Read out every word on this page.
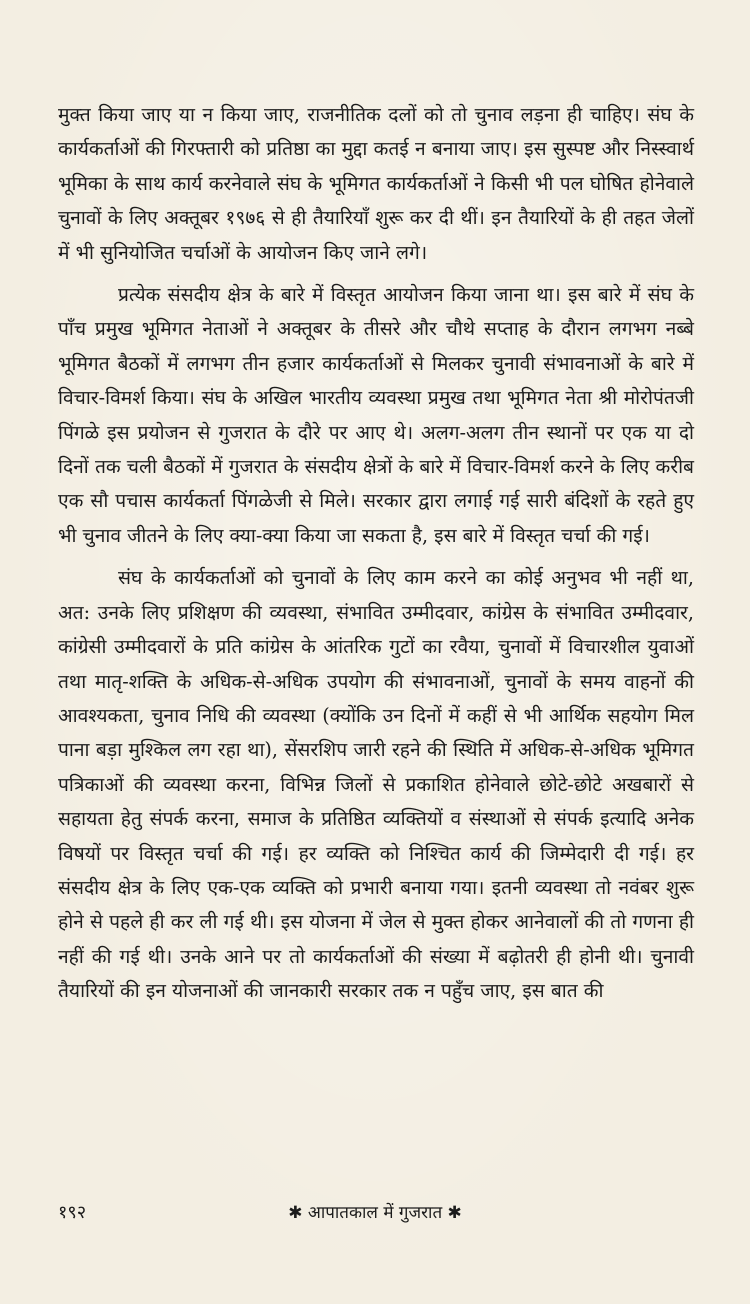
मुक्त किया जाए या न किया जाए, राजनीतिक दलों को तो चुनाव लड़ना ही चाहिए। संघ के कार्यकर्ताओं की गिरफ्तारी को प्रतिष्ठा का मुद्दा कतई न बनाया जाए। इस सुस्पष्ट और निस्स्वार्थ भूमिका के साथ कार्य करनेवाले संघ के भूमिगत कार्यकर्ताओं ने किसी भी पल घोषित होनेवाले चुनावों के लिए अक्तूबर १९७६ से ही तैयारियाँ शुरू कर दी थीं। इन तैयारियों के ही तहत जेलों में भी सुनियोजित चर्चाओं के आयोजन किए जाने लगे।

प्रत्येक संसदीय क्षेत्र के बारे में विस्तृत आयोजन किया जाना था। इस बारे में संघ के पाँच प्रमुख भूमिगत नेताओं ने अक्तूबर के तीसरे और चौथे सप्ताह के दौरान लगभग नब्बे भूमिगत बैठकों में लगभग तीन हजार कार्यकर्ताओं से मिलकर चुनावी संभावनाओं के बारे में विचार-विमर्श किया। संघ के अखिल भारतीय व्यवस्था प्रमुख तथा भूमिगत नेता श्री मोरोपंतजी पिंगळे इस प्रयोजन से गुजरात के दौरे पर आए थे। अलग-अलग तीन स्थानों पर एक या दो दिनों तक चली बैठकों में गुजरात के संसदीय क्षेत्रों के बारे में विचार-विमर्श करने के लिए करीब एक सौ पचास कार्यकर्ता पिंगळेजी से मिले। सरकार द्वारा लगाई गई सारी बंदिशों के रहते हुए भी चुनाव जीतने के लिए क्या-क्या किया जा सकता है, इस बारे में विस्तृत चर्चा की गई।

संघ के कार्यकर्ताओं को चुनावों के लिए काम करने का कोई अनुभव भी नहीं था, अत: उनके लिए प्रशिक्षण की व्यवस्था, संभावित उम्मीदवार, कांग्रेस के संभावित उम्मीदवार, कांग्रेसी उम्मीदवारों के प्रति कांग्रेस के आंतरिक गुटों का रवैया, चुनावों में विचारशील युवाओं तथा मातृ-शक्ति के अधिक-से-अधिक उपयोग की संभावनाओं, चुनावों के समय वाहनों की आवश्यकता, चुनाव निधि की व्यवस्था (क्योंकि उन दिनों में कहीं से भी आर्थिक सहयोग मिल पाना बड़ा मुश्किल लग रहा था), सेंसरशिप जारी रहने की स्थिति में अधिक-से-अधिक भूमिगत पत्रिकाओं की व्यवस्था करना, विभिन्न जिलों से प्रकाशित होनेवाले छोटे-छोटे अखबारों से सहायता हेतु संपर्क करना, समाज के प्रतिष्ठित व्यक्तियों व संस्थाओं से संपर्क इत्यादि अनेक विषयों पर विस्तृत चर्चा की गई। हर व्यक्ति को निश्चित कार्य की जिम्मेदारी दी गई। हर संसदीय क्षेत्र के लिए एक-एक व्यक्ति को प्रभारी बनाया गया। इतनी व्यवस्था तो नवंबर शुरू होने से पहले ही कर ली गई थी। इस योजना में जेल से मुक्त होकर आनेवालों की तो गणना ही नहीं की गई थी। उनके आने पर तो कार्यकर्ताओं की संख्या में बढ़ोतरी ही होनी थी। चुनावी तैयारियों की इन योजनाओं की जानकारी सरकार तक न पहुँच जाए, इस बात की

१९२	✱ आपातकाल में गुजरात ✱
